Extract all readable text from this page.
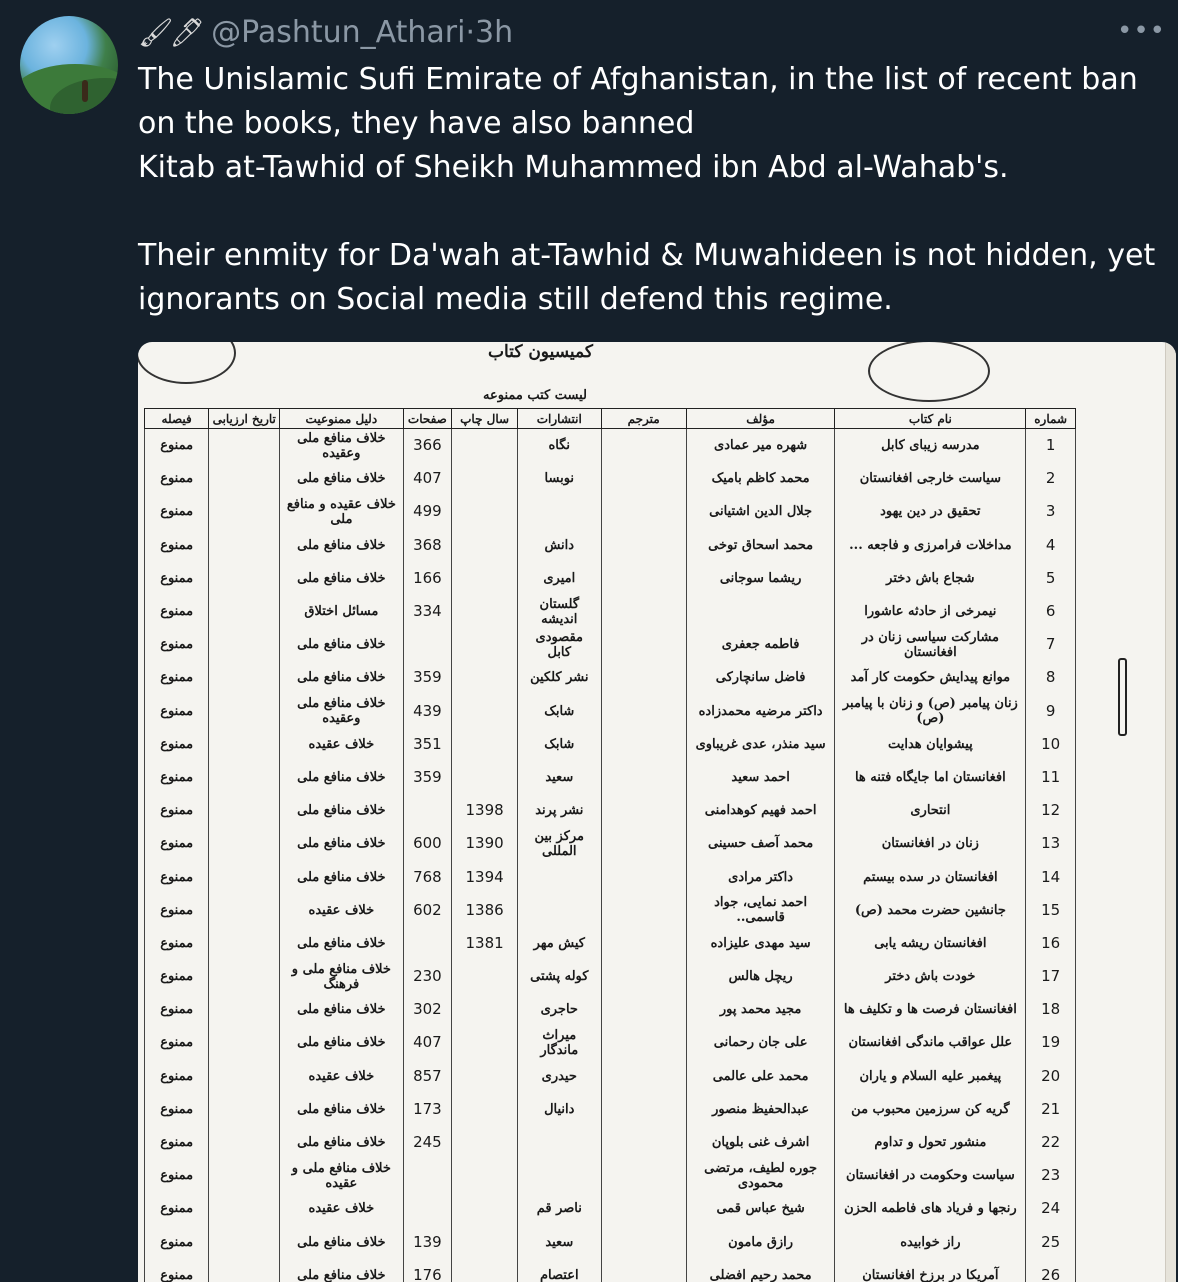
🖌🖊 @Pashtun_Athari·3h	•••

The Unislamic Sufi Emirate of Afghanistan, in the list of recent ban on the books, they have also banned

Kitab at-Tawhid of Sheikh Muhammed ibn Abd al-Wahab's.

Their enmity for Da'wah at-Tawhid & Muwahideen is not hidden, yet ignorants on Social media still defend this regime.

کمیسیون کتاب
لیست کتب ممنوعه
شماره	نام کتاب	مؤلف	مترجم	انتشارات	سال چاپ	صفحات	دلیل ممنوعیت	تاریخ ارزیابی	فیصله
1	مدرسه زیبای کابل	شهره میر عمادی		نگاه		366	خلاف منافع ملی وعقیده		ممنوع
2	سیاست خارجی افغانستان	محمد کاظم بامیک		نوبسا		407	خلاف منافع ملی		ممنوع
3	تحقیق در دین یهود	جلال الدین اشتیانی				499	خلاف عقیده و منافع ملی		ممنوع
4	مداخلات فرامرزی و فاجعه ...	محمد اسحاق توخی		دانش		368	خلاف منافع ملی		ممنوع
5	شجاع باش دختر	ریشما سوجانی		امیری		166	خلاف منافع ملی		ممنوع
6	نیمرخی از حادثه عاشورا			گلستان اندیشه		334	مسائل اختلاق		ممنوع
7	مشارکت سیاسی زنان در افغانستان	فاطمه جعفری		مقصودی کابل			خلاف منافع ملی		ممنوع
8	موانع پیدایش حکومت کار آمد	فاضل سانچارکی		نشر کلکین		359	خلاف منافع ملی		ممنوع
9	زنان پیامبر (ص) و زنان با پیامبر (ص)	داکتر مرضیه محمدزاده		شابک		439	خلاف منافع ملی وعقیده		ممنوع
10	پیشوایان هدایت	سید منذر، عدی غریباوی		شابک		351	خلاف عقیده		ممنوع
11	افغانستان اما جایگاه فتنه ها	احمد سعید		سعید		359	خلاف منافع ملی		ممنوع
12	انتحاری	احمد فهیم کوهدامنی		نشر پرند	1398		خلاف منافع ملی		ممنوع
13	زنان در افغانستان	محمد آصف حسینی		مرکز بین المللی	1390	600	خلاف منافع ملی		ممنوع
14	افغانستان در سده بیستم	داکتر مرادی			1394	768	خلاف منافع ملی		ممنوع
15	جانشین حضرت محمد (ص)	احمد نمایی، جواد قاسمی..			1386	602	خلاف عقیده		ممنوع
16	افغانستان ریشه یابی	سید مهدی علیزاده		کیش مهر	1381		خلاف منافع ملی		ممنوع
17	خودت باش دختر	ریچل هالس		کوله پشتی		230	خلاف منافع ملی و فرهنگ		ممنوع
18	افغانستان فرصت ها و تکلیف ها	مجید محمد پور		حاجری		302	خلاف منافع ملی		ممنوع
19	علل عواقب ماندگی افغانستان	علی جان رحمانی		میراث ماندگار		407	خلاف منافع ملی		ممنوع
20	پیغمبر علیه السلام و یاران	محمد علی عالمی		حیدری		857	خلاف عقیده		ممنوع
21	گریه کن سرزمین محبوب من	عبدالحفیظ منصور		دانیال		173	خلاف منافع ملی		ممنوع
22	منشور تحول و تداوم	اشرف غنی بلوپان				245	خلاف منافع ملی		ممنوع
23	سیاست وحکومت در افغانستان	جوره لطیف، مرتضی محمودی					خلاف منافع ملی و عقیده		ممنوع
24	رنجها و فریاد های فاطمه الحزن	شیخ عباس قمی		ناصر قم			خلاف عقیده		ممنوع
25	راز خوابیده	رازق مامون		سعید		139	خلاف منافع ملی		ممنوع
26	آمریکا در برزخ افغانستان	محمد رحیم افضلی		اعتصام		176	خلاف منافع ملی		ممنوع
